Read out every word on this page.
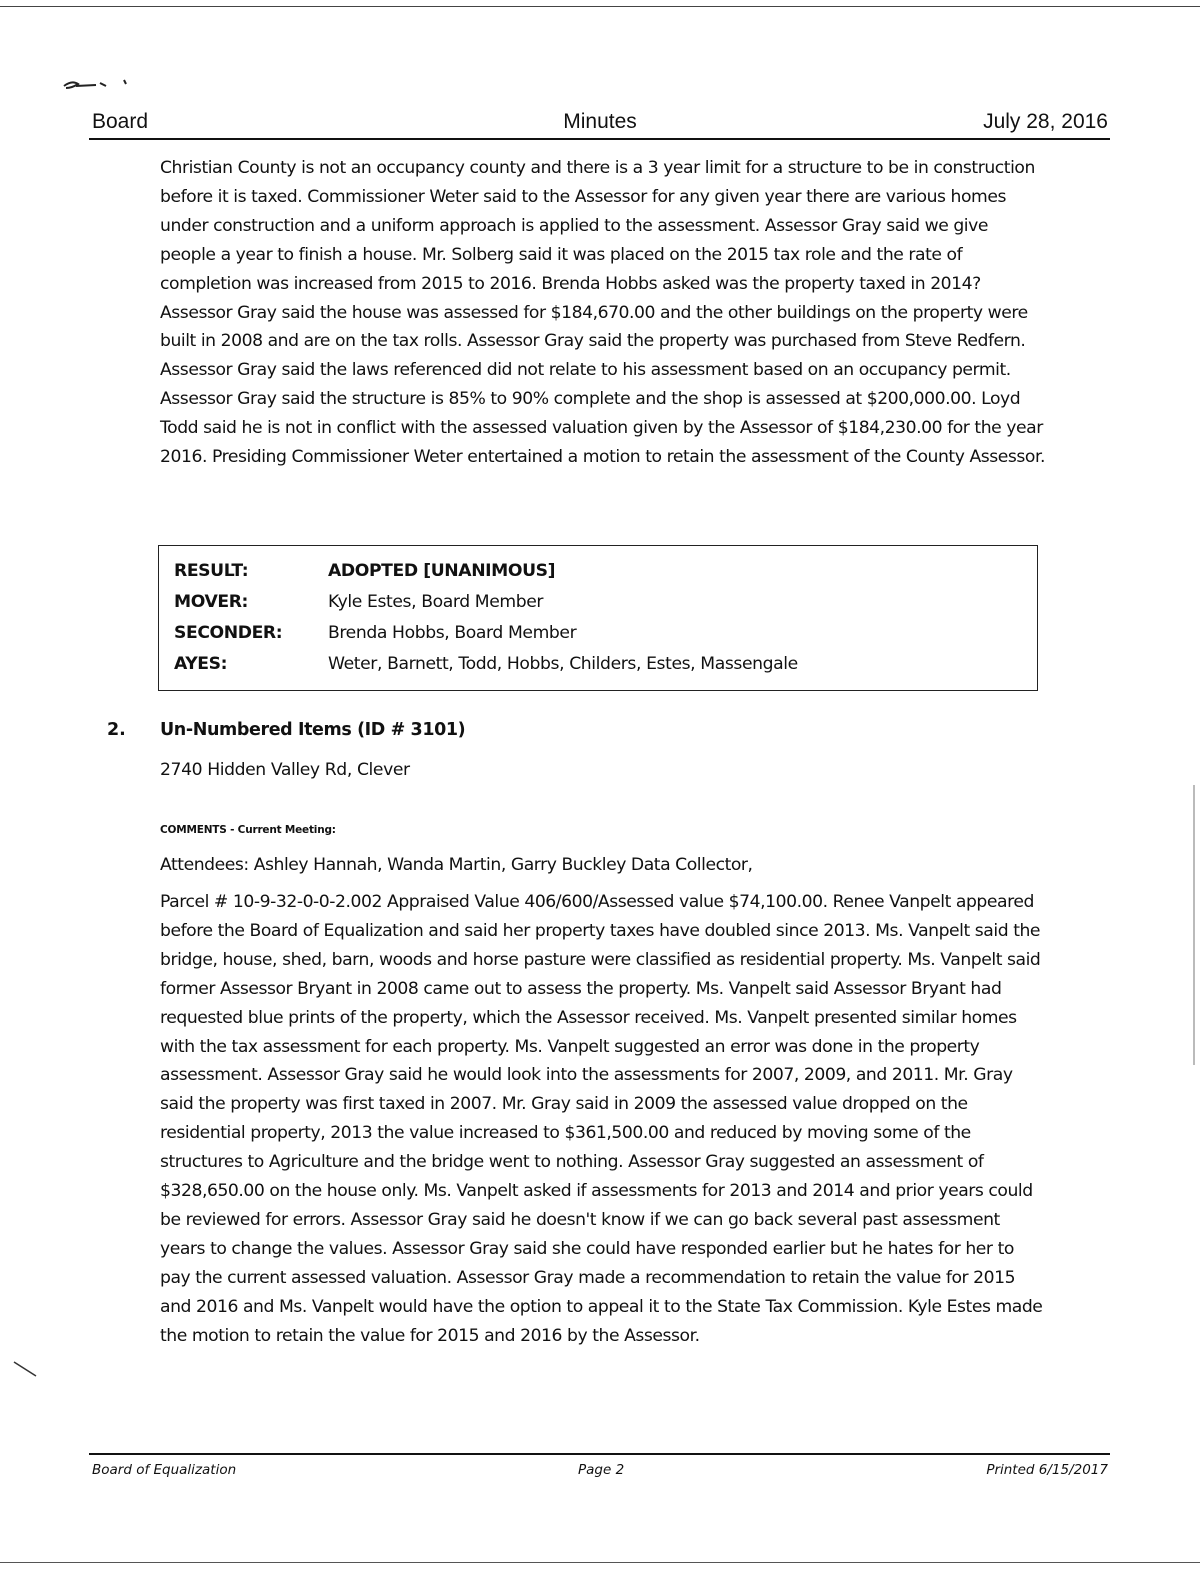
Board	Minutes	July 28, 2016

Christian County is not an occupancy county and there is a 3 year limit for a structure to be in construction before it is taxed. Commissioner Weter said to the Assessor for any given year there are various homes under construction and a uniform approach is applied to the assessment. Assessor Gray said we give people a year to finish a house. Mr. Solberg said it was placed on the 2015 tax role and the rate of completion was increased from 2015 to 2016. Brenda Hobbs asked was the property taxed in 2014? Assessor Gray said the house was assessed for $184,670.00 and the other buildings on the property were built in 2008 and are on the tax rolls. Assessor Gray said the property was purchased from Steve Redfern. Assessor Gray said the laws referenced did not relate to his assessment based on an occupancy permit. Assessor Gray said the structure is 85% to 90% complete and the shop is assessed at $200,000.00. Loyd Todd said he is not in conflict with the assessed valuation given by the Assessor of $184,230.00 for the year 2016. Presiding Commissioner Weter entertained a motion to retain the assessment of the County Assessor.

RESULT:	ADOPTED [UNANIMOUS]
MOVER:	Kyle Estes, Board Member
SECONDER:	Brenda Hobbs, Board Member
AYES:	Weter, Barnett, Todd, Hobbs, Childers, Estes, Massengale
2. Un-Numbered Items (ID # 3101)
2740 Hidden Valley Rd, Clever
COMMENTS - Current Meeting:
Attendees: Ashley Hannah, Wanda Martin, Garry Buckley Data Collector,

Parcel # 10-9-32-0-0-2.002 Appraised Value 406/600/Assessed value $74,100.00. Renee Vanpelt appeared before the Board of Equalization and said her property taxes have doubled since 2013. Ms. Vanpelt said the bridge, house, shed, barn, woods and horse pasture were classified as residential property. Ms. Vanpelt said former Assessor Bryant in 2008 came out to assess the property. Ms. Vanpelt said Assessor Bryant had requested blue prints of the property, which the Assessor received. Ms. Vanpelt presented similar homes with the tax assessment for each property. Ms. Vanpelt suggested an error was done in the property assessment. Assessor Gray said he would look into the assessments for 2007, 2009, and 2011. Mr. Gray said the property was first taxed in 2007. Mr. Gray said in 2009 the assessed value dropped on the residential property, 2013 the value increased to $361,500.00 and reduced by moving some of the structures to Agriculture and the bridge went to nothing. Assessor Gray suggested an assessment of $328,650.00 on the house only. Ms. Vanpelt asked if assessments for 2013 and 2014 and prior years could be reviewed for errors. Assessor Gray said he doesn't know if we can go back several past assessment years to change the values. Assessor Gray said she could have responded earlier but he hates for her to pay the current assessed valuation. Assessor Gray made a recommendation to retain the value for 2015 and 2016 and Ms. Vanpelt would have the option to appeal it to the State Tax Commission. Kyle Estes made the motion to retain the value for 2015 and 2016 by the Assessor.

Board of Equalization	Page 2	Printed 6/15/2017
